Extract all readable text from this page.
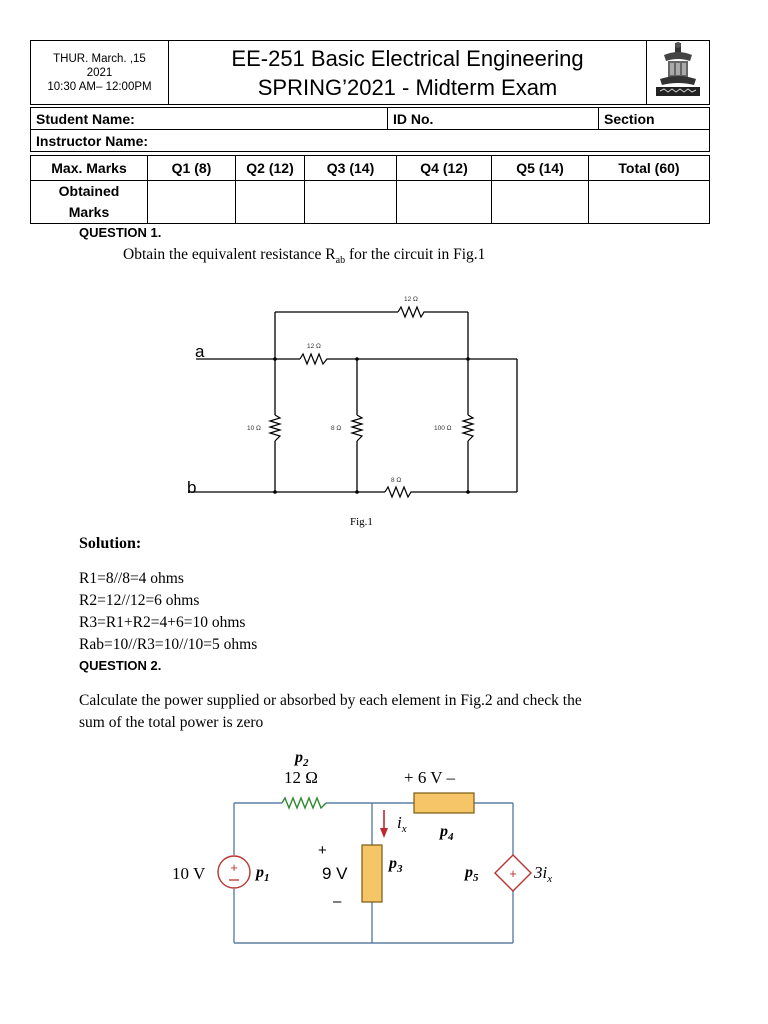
THUR. March. ,15
2021
10:30 AM– 12:00PM

EE-251 Basic Electrical Engineering
SPRING’2021 - Midterm Exam

Student Name:	ID No.	Section
Instructor Name:
Max. Marks	Q1 (8)	Q2 (12)	Q3 (14)	Q4 (12)	Q5 (14)	Total (60)

Obtained
Marks						

QUESTION 1.
Obtain the equivalent resistance $R_{ab}$ for the circuit in Fig.1
a
b
12 Ω
12 Ω
10 Ω	8 Ω	100 Ω
8 Ω
Fig.1
Solution:
R1=8//8=4 ohms
R2=12//12=6 ohms
R3=R1+R2=4+6=10 ohms
Rab=10//R3=10//10=5 ohms
QUESTION 2.
Calculate the power supplied or absorbed by each element in Fig.2 and check the
sum of the total power is zero
+	+
$p_2$
$p_4$
$p_1$
$p_3$	$p_5$
12 Ω	+ 6 V –
$i_x$
10 V
+
9 V
–
$3i_x$
